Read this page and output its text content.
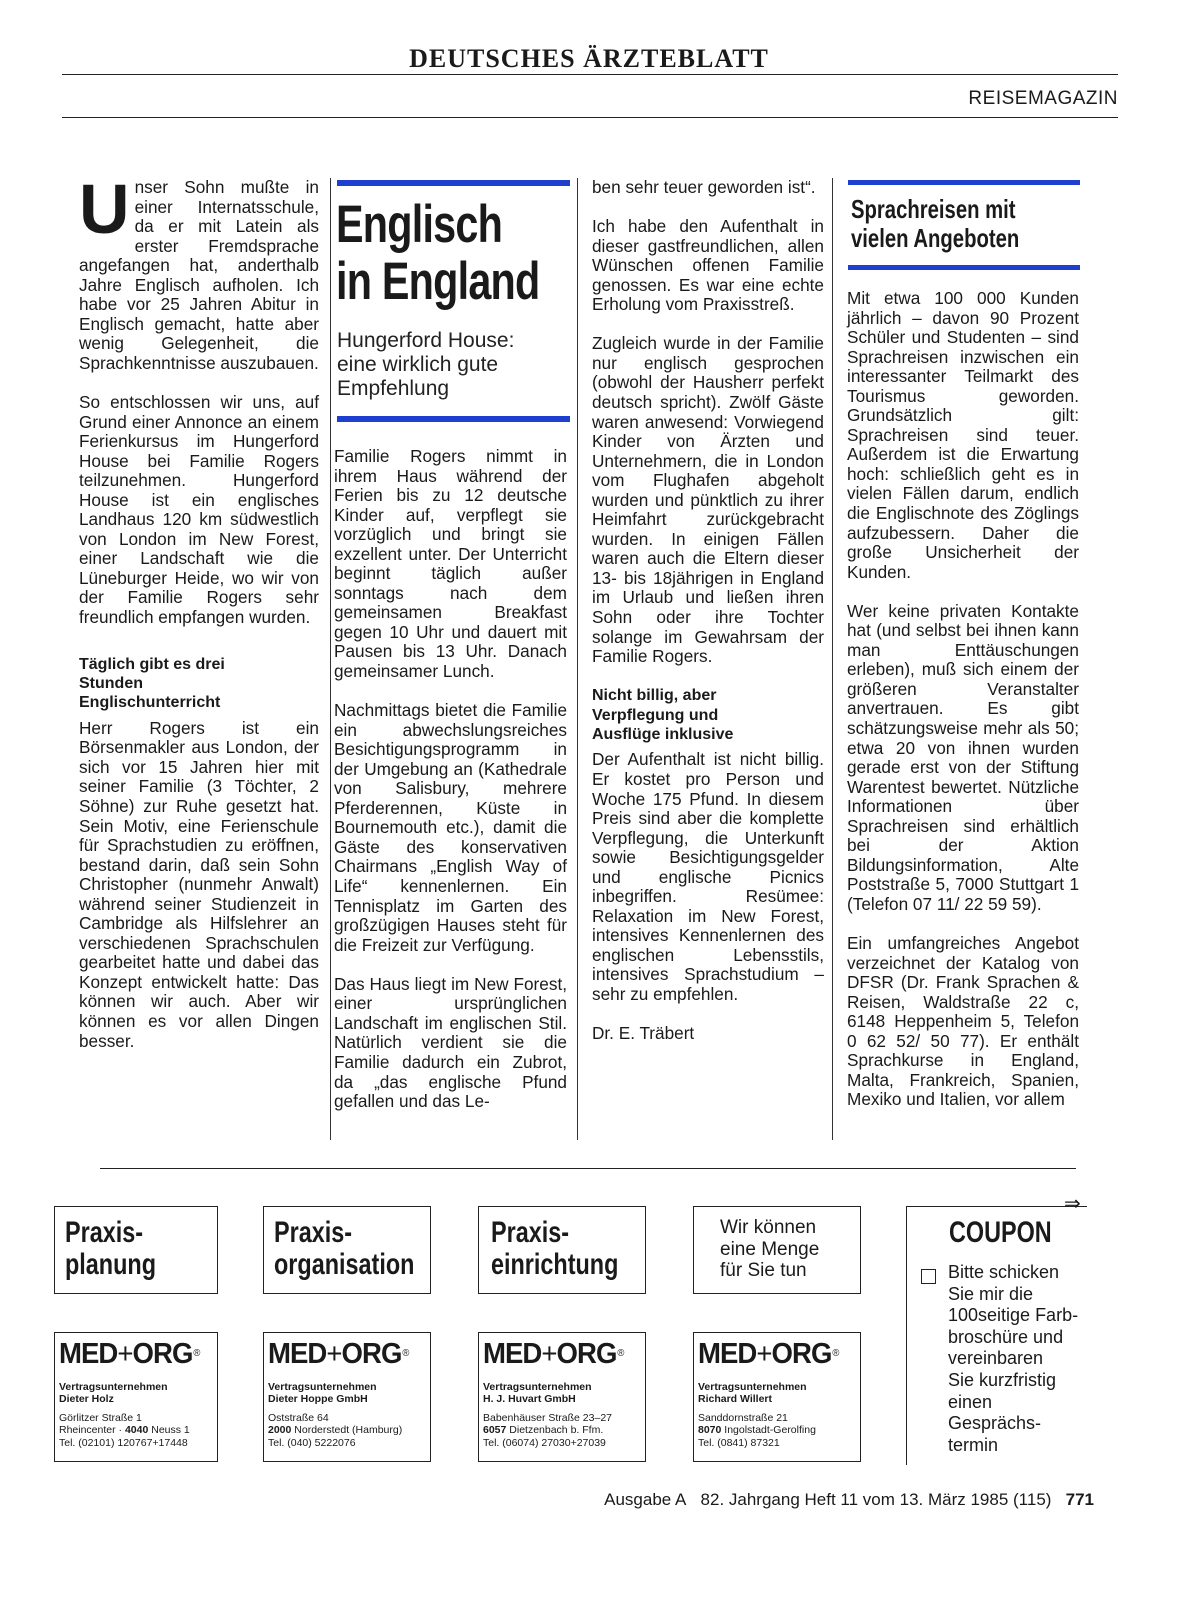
DEUTSCHES ÄRZTEBLATT
REISEMAGAZIN

Unser Sohn mußte in einer Internatsschule, da er mit Latein als erster Fremdsprache angefangen hat, anderthalb Jahre Englisch aufholen. Ich habe vor 25 Jahren Abitur in Englisch gemacht, hatte aber wenig Gelegenheit, die Sprachkenntnisse auszubauen.

So entschlossen wir uns, auf Grund einer Annonce an einem Ferienkursus im Hungerford House bei Familie Rogers teilzunehmen. Hungerford House ist ein englisches Landhaus 120 km südwestlich von London im New Forest, einer Landschaft wie die Lüneburger Heide, wo wir von der Familie Rogers sehr freundlich empfangen wurden.

Täglich gibt es drei Stunden Englischunterricht

Herr Rogers ist ein Börsenmakler aus London, der sich vor 15 Jahren hier mit seiner Familie (3 Töchter, 2 Söhne) zur Ruhe gesetzt hat. Sein Motiv, eine Ferienschule für Sprachstudien zu eröffnen, bestand darin, daß sein Sohn Christopher (nunmehr Anwalt) während seiner Studienzeit in Cambridge als Hilfslehrer an verschiedenen Sprachschulen gearbeitet hatte und dabei das Konzept entwickelt hatte: Das können wir auch. Aber wir können es vor allen Dingen besser.

Englisch
in England
Hungerford House: eine wirklich gute Empfehlung

Familie Rogers nimmt in ihrem Haus während der Ferien bis zu 12 deutsche Kinder auf, verpflegt sie vorzüglich und bringt sie exzellent unter. Der Unterricht beginnt täglich außer sonntags nach dem gemeinsamen Breakfast gegen 10 Uhr und dauert mit Pausen bis 13 Uhr. Danach gemeinsamer Lunch.

Nachmittags bietet die Familie ein abwechslungsreiches Besichtigungsprogramm in der Umgebung an (Kathedrale von Salisbury, mehrere Pferderennen, Küste in Bournemouth etc.), damit die Gäste des konservativen Chairmans „English Way of Life“ kennenlernen. Ein Tennisplatz im Garten des großzügigen Hauses steht für die Freizeit zur Verfügung.

Das Haus liegt im New Forest, einer ursprünglichen Landschaft im englischen Stil. Natürlich verdient sie die Familie dadurch ein Zubrot, da „das englische Pfund gefallen und das Le-

ben sehr teuer geworden ist“.

Ich habe den Aufenthalt in dieser gastfreundlichen, allen Wünschen offenen Familie genossen. Es war eine echte Erholung vom Praxisstreß.

Zugleich wurde in der Familie nur englisch gesprochen (obwohl der Hausherr perfekt deutsch spricht). Zwölf Gäste waren anwesend: Vorwiegend Kinder von Ärzten und Unternehmern, die in London vom Flughafen abgeholt wurden und pünktlich zu ihrer Heimfahrt zurückgebracht wurden. In einigen Fällen waren auch die Eltern dieser 13- bis 18jährigen in England im Urlaub und ließen ihren Sohn oder ihre Tochter solange im Gewahrsam der Familie Rogers.

Nicht billig, aber Verpflegung und Ausflüge inklusive

Der Aufenthalt ist nicht billig. Er kostet pro Person und Woche 175 Pfund. In diesem Preis sind aber die komplette Verpflegung, die Unterkunft sowie Besichtigungsgelder und englische Picnics inbegriffen. Resümee: Relaxation im New Forest, intensives Kennenlernen des englischen Lebensstils, intensives Sprachstudium – sehr zu empfehlen.

Dr. E. Träbert

Sprachreisen mit
vielen Angeboten

Mit etwa 100 000 Kunden jährlich – davon 90 Prozent Schüler und Studenten – sind Sprachreisen inzwischen ein interessanter Teilmarkt des Tourismus geworden. Grundsätzlich gilt: Sprachreisen sind teuer. Außerdem ist die Erwartung hoch: schließlich geht es in vielen Fällen darum, endlich die Englischnote des Zöglings aufzubessern. Daher die große Unsicherheit der Kunden.

Wer keine privaten Kontakte hat (und selbst bei ihnen kann man Enttäuschungen erleben), muß sich einem der größeren Veranstalter anvertrauen. Es gibt schätzungsweise mehr als 50; etwa 20 von ihnen wurden gerade erst von der Stiftung Warentest bewertet. Nützliche Informationen über Sprachreisen sind erhältlich bei der Aktion Bildungsinformation, Alte Poststraße 5, 7000 Stuttgart 1 (Telefon 07 11/ 22 59 59).

Ein umfangreiches Angebot verzeichnet der Katalog von DFSR (Dr. Frank Sprachen & Reisen, Waldstraße 22 c, 6148 Heppenheim 5, Telefon 0 62 52/ 50 77). Er enthält Sprachkurse in England, Malta, Frankreich, Spanien, Mexiko und Italien, vor allem

Praxis-
planung
Praxis-
organisation
Praxis-
einrichtung
Wir können
eine Menge
für Sie tun
MED+ORG®
Vertragsunternehmen
Dieter Holz
Görlitzer Straße 1
Rheincenter · 4040 Neuss 1
Tel. (02101) 120767+17448
MED+ORG®
Vertragsunternehmen
Dieter Hoppe GmbH
Oststraße 64
2000 Norderstedt (Hamburg)
Tel. (040) 5222076
MED+ORG®
Vertragsunternehmen
H. J. Huvart GmbH
Babenhäuser Straße 23–27
6057 Dietzenbach b. Ffm.
Tel. (06074) 27030+27039
MED+ORG®
Vertragsunternehmen
Richard Willert
Sanddornstraße 21
8070 Ingolstadt-Gerolfing
Tel. (0841) 87321
COUPON
Bitte schicken
Sie mir die
100seitige Farb-
broschüre und
vereinbaren
Sie kurzfristig
einen
Gesprächs-
termin
⇒
Ausgabe A 82. Jahrgang Heft 11 vom 13. März 1985 (115) 771
